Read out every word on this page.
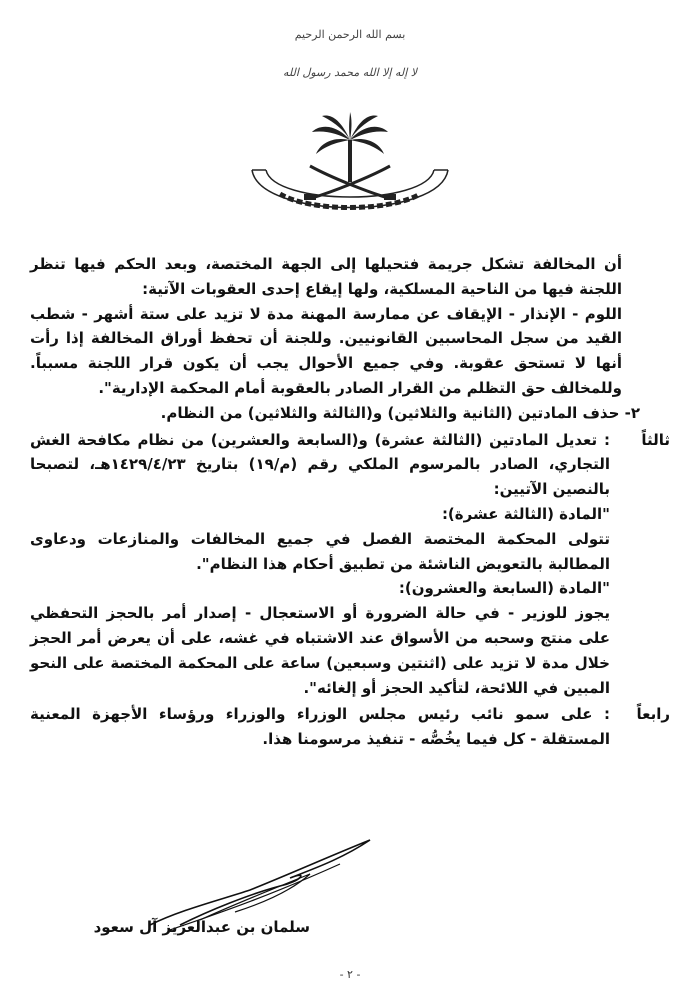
بسم الله الرحمن الرحيم
لا إله إلا الله محمد رسول الله

أن المخالفة تشكل جريمة فتحيلها إلى الجهة المختصة، وبعد الحكم فيها تنظر اللجنة فيها من الناحية المسلكية، ولها إيقاع إحدى العقوبات الآتية:

اللوم - الإنذار - الإيقاف عن ممارسة المهنة مدة لا تزيد على ستة أشهر - شطب القيد من سجل المحاسبين القانونيين. وللجنة أن تحفظ أوراق المخالفة إذا رأت أنها لا تستحق عقوبة. وفي جميع الأحوال يجب أن يكون قرار اللجنة مسبباً. وللمخالف حق التظلم من القرار الصادر بالعقوبة أمام المحكمة الإدارية".

٢- حذف المادتين (الثانية والثلاثين) و(الثالثة والثلاثين) من النظام.

ثالثاً

: تعديل المادتين (الثالثة عشرة) و(السابعة والعشرين) من نظام مكافحة الغش التجاري، الصادر بالمرسوم الملكي رقم (م/١٩) بتاريخ ١٤٢٩/٤/٢٣هـ، لتصبحا بالنصين الآتيين:

"المادة (الثالثة عشرة):

تتولى المحكمة المختصة الفصل في جميع المخالفات والمنازعات ودعاوى المطالبة بالتعويض الناشئة من تطبيق أحكام هذا النظام".

"المادة (السابعة والعشرون):

يجوز للوزير - في حالة الضرورة أو الاستعجال - إصدار أمر بالحجز التحفظي على منتج وسحبه من الأسواق عند الاشتباه في غشه، على أن يعرض أمر الحجز خلال مدة لا تزيد على (اثنتين وسبعين) ساعة على المحكمة المختصة على النحو المبين في اللائحة، لتأكيد الحجز أو إلغائه".

رابعاً

: على سمو نائب رئيس مجلس الوزراء والوزراء ورؤساء الأجهزة المعنية المستقلة - كل فيما يخُصُّه - تنفيذ مرسومنا هذا.

سلمان بن عبدالعزيز آل سعود
- ٢ -
